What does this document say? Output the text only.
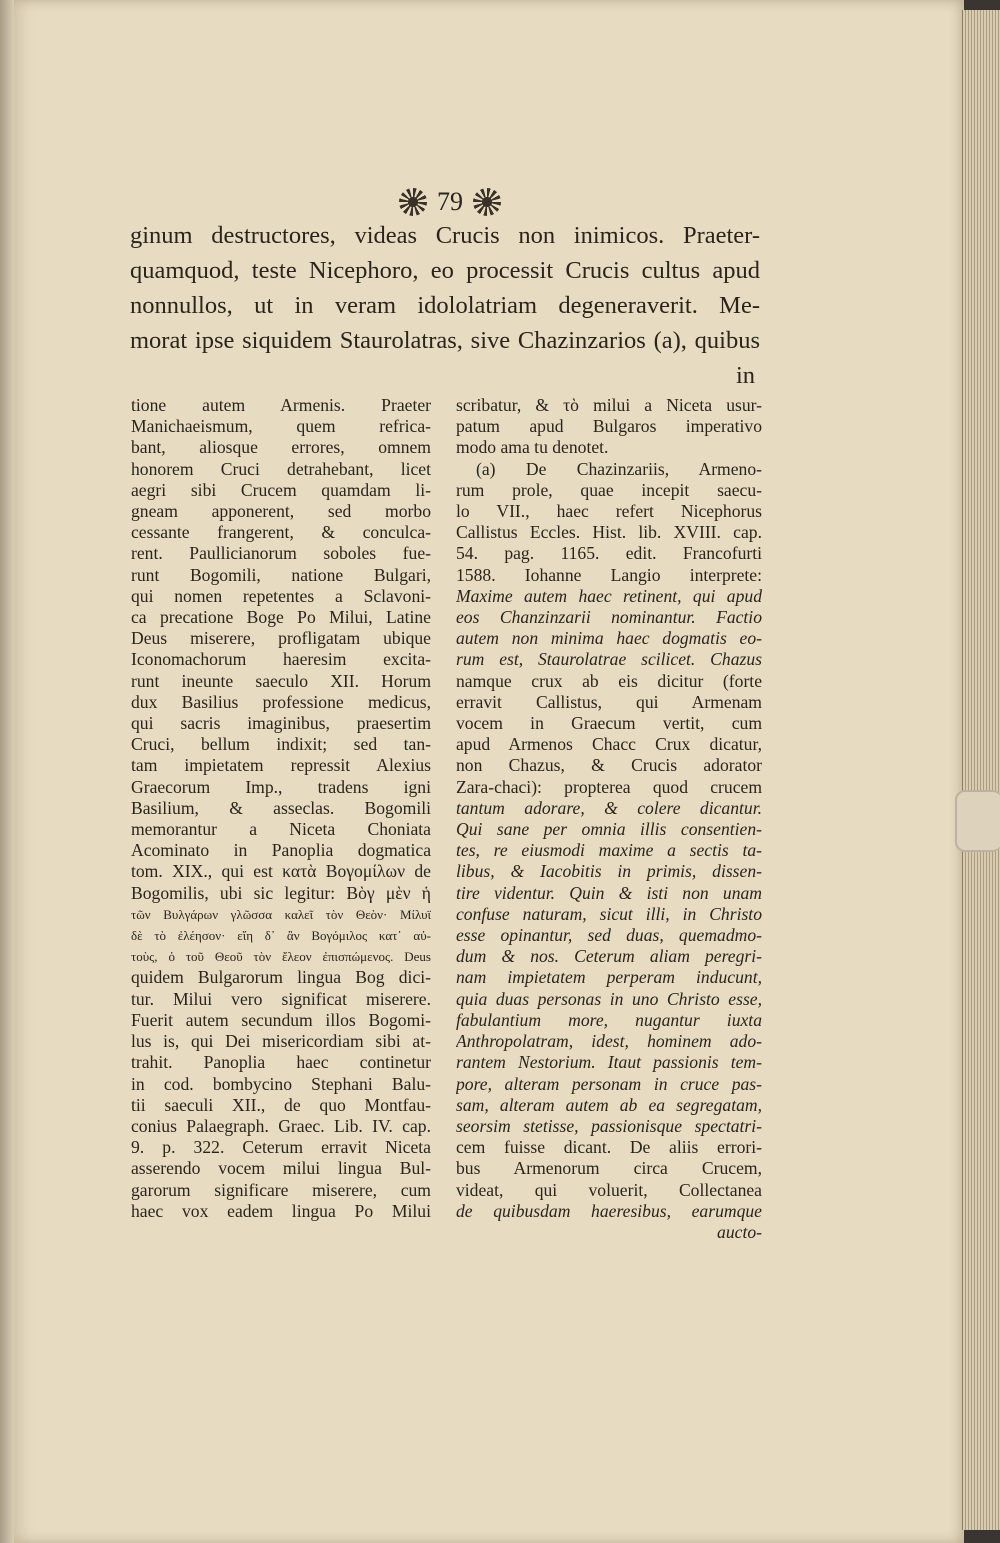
79
ginum destructores, videas Crucis non inimicos. Praeter-
quamquod, teste Nicephoro, eo processit Crucis cultus apud
nonnullos, ut in veram idololatriam degeneraverit. Me-
morat ipse siquidem Staurolatras, sive Chazinzarios (a), quibus
in
tione autem Armenis. Praeter
Manichaeismum, quem refrica-
bant, aliosque errores, omnem
honorem Cruci detrahebant, licet
aegri sibi Crucem quamdam li-
gneam apponerent, sed morbo
cessante frangerent, & conculca-
rent. Paullicianorum soboles fue-
runt Bogomili, natione Bulgari,
qui nomen repetentes a Sclavoni-
ca precatione Boge Po Milui, Latine
Deus miserere, profligatam ubique
Iconomachorum haeresim excita-
runt ineunte saeculo XII. Horum
dux Basilius professione medicus,
qui sacris imaginibus, praesertim
Cruci, bellum indixit; sed tan-
tam impietatem repressit Alexius
Graecorum Imp., tradens igni
Basilium, & asseclas. Bogomili
memorantur a Niceta Choniata
Acominato in Panoplia dogmatica
tom. XIX., qui est κατὰ Βογομίλων de
Bogomilis, ubi sic legitur: Βὸγ μὲν ἡ
τῶν Βυλγάρων γλῶσσα καλεῖ τὸν Θεὸν· Μίλυϊ
δὲ τὸ ἐλέησον· εἴη δ᾽ ἂν Βογόμιλος κατ᾽ αὐ-
τοὺς, ὁ τοῦ Θεοῦ τὸν ἔλεον ἐπισπώμενος. Deus
quidem Bulgarorum lingua Bog dici-
tur. Milui vero significat miserere.
Fuerit autem secundum illos Bogomi-
lus is, qui Dei misericordiam sibi at-
trahit. Panoplia haec continetur
in cod. bombycino Stephani Balu-
tii saeculi XII., de quo Montfau-
conius Palaegraph. Graec. Lib. IV. cap.
9. p. 322. Ceterum erravit Niceta
asserendo vocem milui lingua Bul-
garorum significare miserere, cum
haec vox eadem lingua Po Milui
scribatur, & τὸ milui a Niceta usur-
patum apud Bulgaros imperativo
modo ama tu denotet.
(a) De Chazinzariis, Armeno-
rum prole, quae incepit saecu-
lo VII., haec refert Nicephorus
Callistus Eccles. Hist. lib. XVIII. cap.
54. pag. 1165. edit. Francofurti
1588. Iohanne Langio interprete:
Maxime autem haec retinent, qui apud
eos Chanzinzarii nominantur. Factio
autem non minima haec dogmatis eo-
rum est, Staurolatrae scilicet. Chazus
namque crux ab eis dicitur (forte
erravit Callistus, qui Armenam
vocem in Graecum vertit, cum
apud Armenos Chacc Crux dicatur,
non Chazus, & Crucis adorator
Zara-chaci): propterea quod crucem
tantum adorare, & colere dicantur.
Qui sane per omnia illis consentien-
tes, re eiusmodi maxime a sectis ta-
libus, & Iacobitis in primis, dissen-
tire videntur. Quin & isti non unam
confuse naturam, sicut illi, in Christo
esse opinantur, sed duas, quemadmo-
dum & nos. Ceterum aliam peregri-
nam impietatem perperam inducunt,
quia duas personas in uno Christo esse,
fabulantium more, nugantur iuxta
Anthropolatram, idest, hominem ado-
rantem Nestorium. Itaut passionis tem-
pore, alteram personam in cruce pas-
sam, alteram autem ab ea segregatam,
seorsim stetisse, passionisque spectatri-
cem fuisse dicant. De aliis errori-
bus Armenorum circa Crucem,
videat, qui voluerit, Collectanea
de quibusdam haeresibus, earumque
aucto-
